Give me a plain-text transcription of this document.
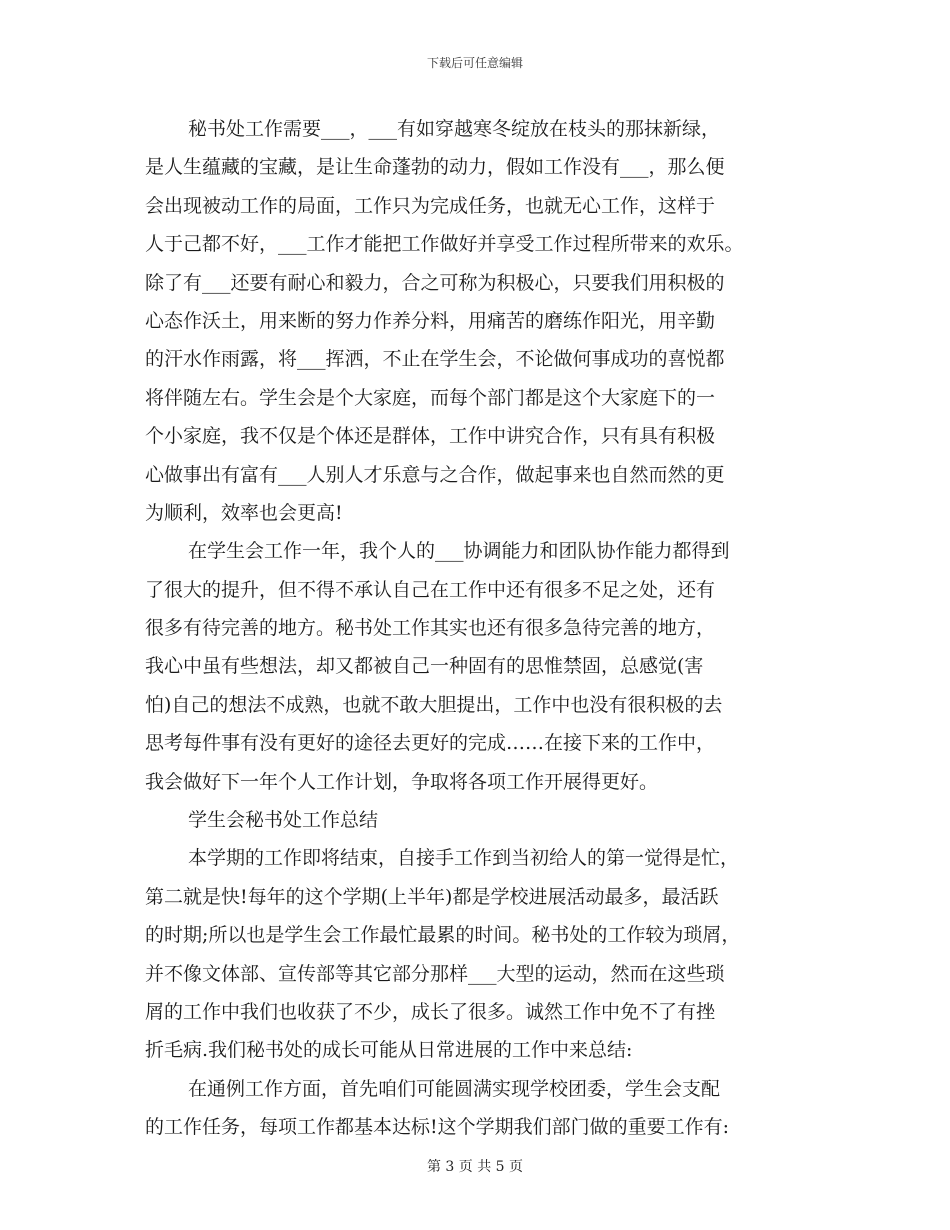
下载后可任意编辑
秘书处工作需要___，___有如穿越寒冬绽放在枝头的那抹新绿，
是人生蕴藏的宝藏，是让生命蓬勃的动力，假如工作没有___，那么便
会出现被动工作的局面，工作只为完成任务，也就无心工作，这样于
人于己都不好，___工作才能把工作做好并享受工作过程所带来的欢乐。
除了有___还要有耐心和毅力，合之可称为积极心，只要我们用积极的
心态作沃土，用来断的努力作养分料，用痛苦的磨练作阳光，用辛勤
的汗水作雨露，将___挥洒，不止在学生会，不论做何事成功的喜悦都
将伴随左右。学生会是个大家庭，而每个部门都是这个大家庭下的一
个小家庭，我不仅是个体还是群体，工作中讲究合作，只有具有积极
心做事出有富有___人别人才乐意与之合作，做起事来也自然而然的更
为顺利，效率也会更高!
在学生会工作一年，我个人的___协调能力和团队协作能力都得到
了很大的提升，但不得不承认自己在工作中还有很多不足之处，还有
很多有待完善的地方。秘书处工作其实也还有很多急待完善的地方，
我心中虽有些想法，却又都被自己一种固有的思惟禁固，总感觉(害
怕)自己的想法不成熟，也就不敢大胆提出，工作中也没有很积极的去
思考每件事有没有更好的途径去更好的完成……在接下来的工作中，
我会做好下一年个人工作计划，争取将各项工作开展得更好。
学生会秘书处工作总结
本学期的工作即将结束，自接手工作到当初给人的第一觉得是忙，
第二就是快!每年的这个学期(上半年)都是学校进展活动最多，最活跃
的时期;所以也是学生会工作最忙最累的时间。秘书处的工作较为琐屑，
并不像文体部、宣传部等其它部分那样___大型的运动，然而在这些琐
屑的工作中我们也收获了不少，成长了很多。诚然工作中免不了有挫
折毛病.我们秘书处的成长可能从日常进展的工作中来总结:
在通例工作方面，首先咱们可能圆满实现学校团委，学生会支配
的工作任务，每项工作都基本达标!这个学期我们部门做的重要工作有:
第 3 页 共 5 页
